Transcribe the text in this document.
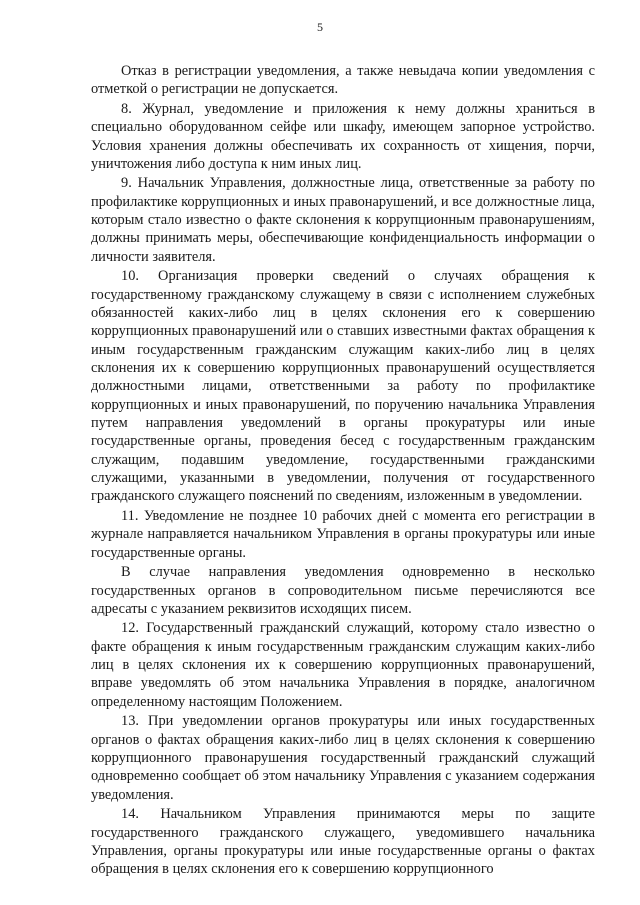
5

Отказ в регистрации уведомления, а также невыдача копии уведомления с отметкой о регистрации не допускается.

8. Журнал, уведомление и приложения к нему должны храниться в специально оборудованном сейфе или шкафу, имеющем запорное устройство. Условия хранения должны обеспечивать их сохранность от хищения, порчи, уничтожения либо доступа к ним иных лиц.

9. Начальник Управления, должностные лица, ответственные за работу по профилактике коррупционных и иных правонарушений, и все должностные лица, которым стало известно о факте склонения к коррупционным правонарушениям, должны принимать меры, обеспечивающие конфиденциальность информации о личности заявителя.

10. Организация проверки сведений о случаях обращения к государственному гражданскому служащему в связи с исполнением служебных обязанностей каких-либо лиц в целях склонения его к совершению коррупционных правонарушений или о ставших известными фактах обращения к иным государственным гражданским служащим каких-либо лиц в целях склонения их к совершению коррупционных правонарушений осуществляется должностными лицами, ответственными за работу по профилактике коррупционных и иных правонарушений, по поручению начальника Управления путем направления уведомлений в органы прокуратуры или иные государственные органы, проведения бесед с государственным гражданским служащим, подавшим уведомление, государственными гражданскими служащими, указанными в уведомлении, получения от государственного гражданского служащего пояснений по сведениям, изложенным в уведомлении.

11. Уведомление не позднее 10 рабочих дней с момента его регистрации в журнале направляется начальником Управления в органы прокуратуры или иные государственные органы.

В случае направления уведомления одновременно в несколько государственных органов в сопроводительном письме перечисляются все адресаты с указанием реквизитов исходящих писем.

12. Государственный гражданский служащий, которому стало известно о факте обращения к иным государственным гражданским служащим каких-либо лиц в целях склонения их к совершению коррупционных правонарушений, вправе уведомлять об этом начальника Управления в порядке, аналогичном определенному настоящим Положением.

13. При уведомлении органов прокуратуры или иных государственных органов о фактах обращения каких-либо лиц в целях склонения к совершению коррупционного правонарушения государственный гражданский служащий одновременно сообщает об этом начальнику Управления с указанием содержания уведомления.

14. Начальником Управления принимаются меры по защите государственного гражданского служащего, уведомившего начальника Управления, органы прокуратуры или иные государственные органы о фактах обращения в целях склонения его к совершению коррупционного
